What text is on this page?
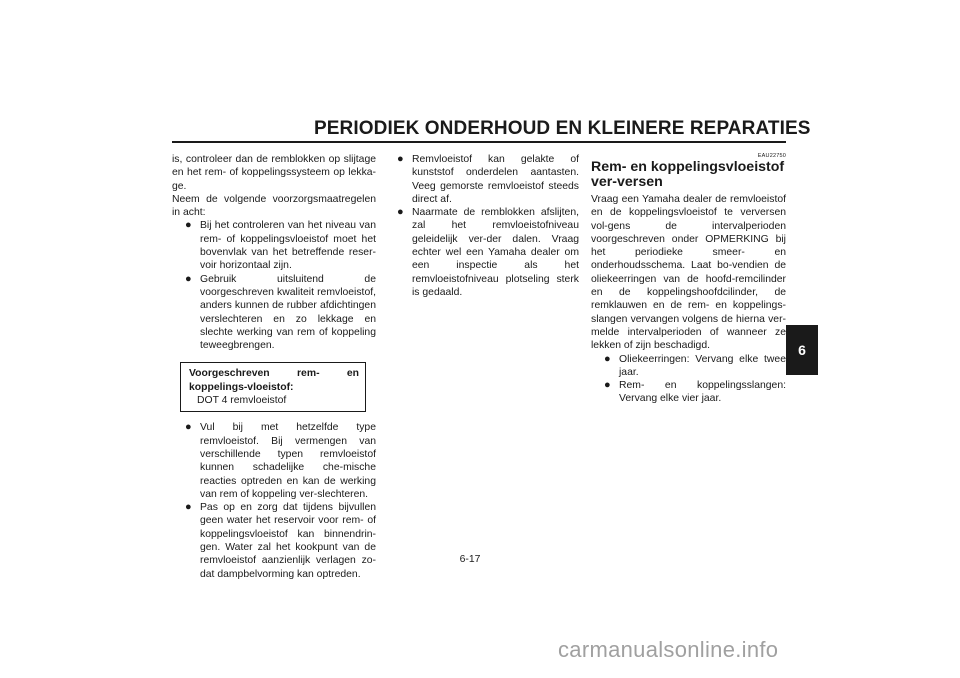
PERIODIEK ONDERHOUD EN KLEINERE REPARATIES

is, controleer dan de remblokken op slijtage en het rem- of koppelingssysteem op lekka-ge.

Neem de volgende voorzorgsmaatregelen in acht:

● Bij het controleren van het niveau van rem- of koppelingsvloeistof moet het bovenvlak van het betreffende reser-voir horizontaal zijn.
● Gebruik uitsluitend de voorgeschreven kwaliteit remvloeistof, anders kunnen de rubber afdichtingen verslechteren en zo lekkage en slechte werking van rem of koppeling teweegbrengen.
Voorgeschreven rem- en koppelings-vloeistof:
DOT 4 remvloeistof
● Vul bij met hetzelfde type remvloeistof. Bij vermengen van verschillende typen remvloeistof kunnen schadelijke che-mische reacties optreden en kan de werking van rem of koppeling ver-slechteren.
● Pas op en zorg dat tijdens bijvullen geen water het reservoir voor rem- of koppelingsvloeistof kan binnendrin-gen. Water zal het kookpunt van de remvloeistof aanzienlijk verlagen zo-dat dampbelvorming kan optreden.
● Remvloeistof kan gelakte of kunststof onderdelen aantasten. Veeg gemorste remvloeistof steeds direct af.
● Naarmate de remblokken afslijten, zal het remvloeistofniveau geleidelijk ver-der dalen. Vraag echter wel een Yamaha dealer om een inspectie als het remvloeistofniveau plotseling sterk is gedaald.
EAU22750
Rem- en koppelingsvloeistof ver-versen

Vraag een Yamaha dealer de remvloeistof en de koppelingsvloeistof te verversen vol-gens de intervalperioden voorgeschreven onder OPMERKING bij het periodieke smeer- en onderhoudsschema. Laat bo-vendien de oliekeerringen van de hoofd-remcilinder en de koppelingshoofdcilinder, de remklauwen en de rem- en koppelings-slangen vervangen volgens de hierna ver-melde intervalperioden of wanneer ze lekken of zijn beschadigd.

● Oliekeerringen: Vervang elke twee jaar.
● Rem- en koppelingsslangen: Vervang elke vier jaar.
6
6-17
carmanualsonline.info
